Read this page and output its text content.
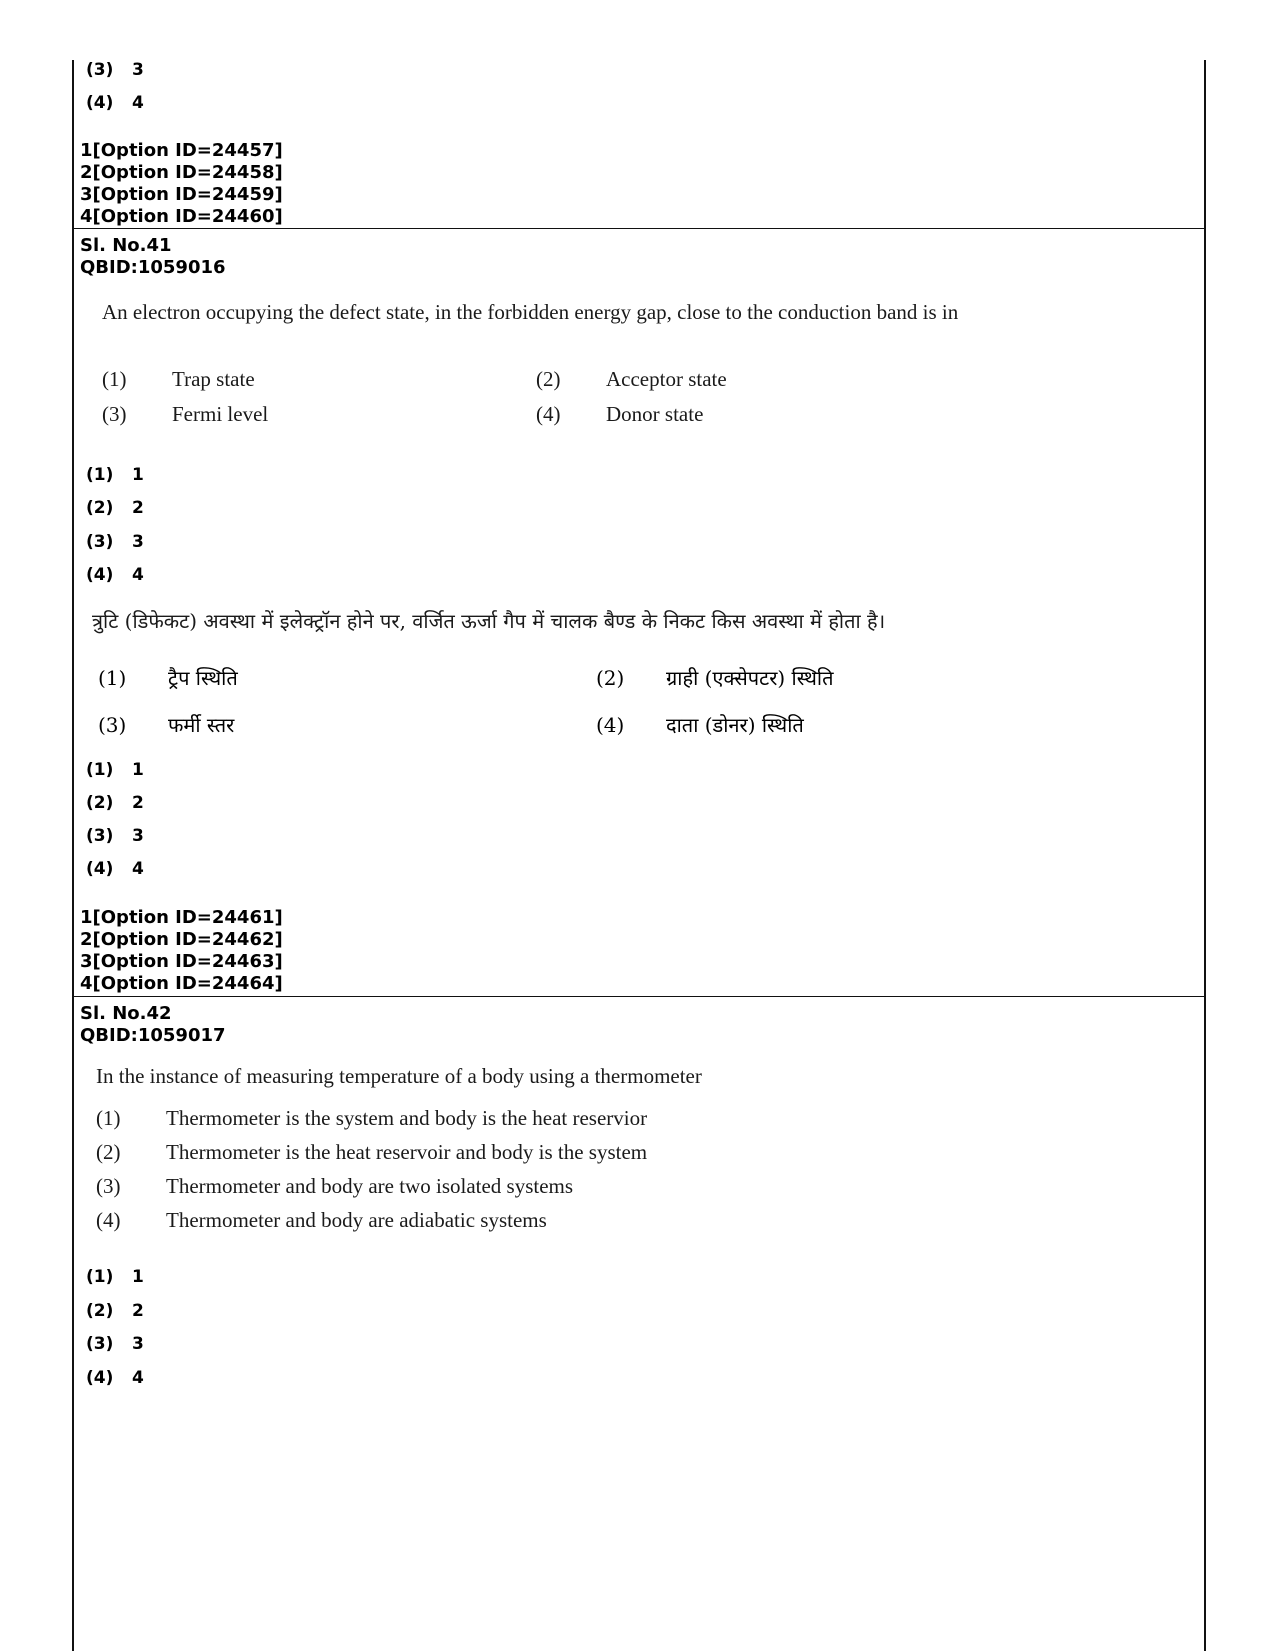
(3) 3
(4) 4
1[Option ID=24457]
2[Option ID=24458]
3[Option ID=24459]
4[Option ID=24460]
Sl. No.41
QBID:1059016
An electron occupying the defect state, in the forbidden energy gap, close to the conduction band is in
(1) Trap state	(2) Acceptor state
(3) Fermi level	(4) Donor state
(1) 1
(2) 2
(3) 3
(4) 4
त्रुटि (डिफेकट) अवस्था में इलेक्ट्रॉन होने पर, वर्जित ऊर्जा गैप में चालक बैण्ड के निकट किस अवस्था में होता है।
(1) ट्रैप स्थिति	(2) ग्राही (एक्सेपटर) स्थिति
(3) फर्मी स्तर	(4) दाता (डोनर) स्थिति
(1) 1
(2) 2
(3) 3
(4) 4
1[Option ID=24461]
2[Option ID=24462]
3[Option ID=24463]
4[Option ID=24464]
Sl. No.42
QBID:1059017
In the instance of measuring temperature of a body using a thermometer
(1) Thermometer is the system and body is the heat reservior
(2) Thermometer is the heat reservoir and body is the system
(3) Thermometer and body are two isolated systems
(4) Thermometer and body are adiabatic systems
(1) 1
(2) 2
(3) 3
(4) 4
